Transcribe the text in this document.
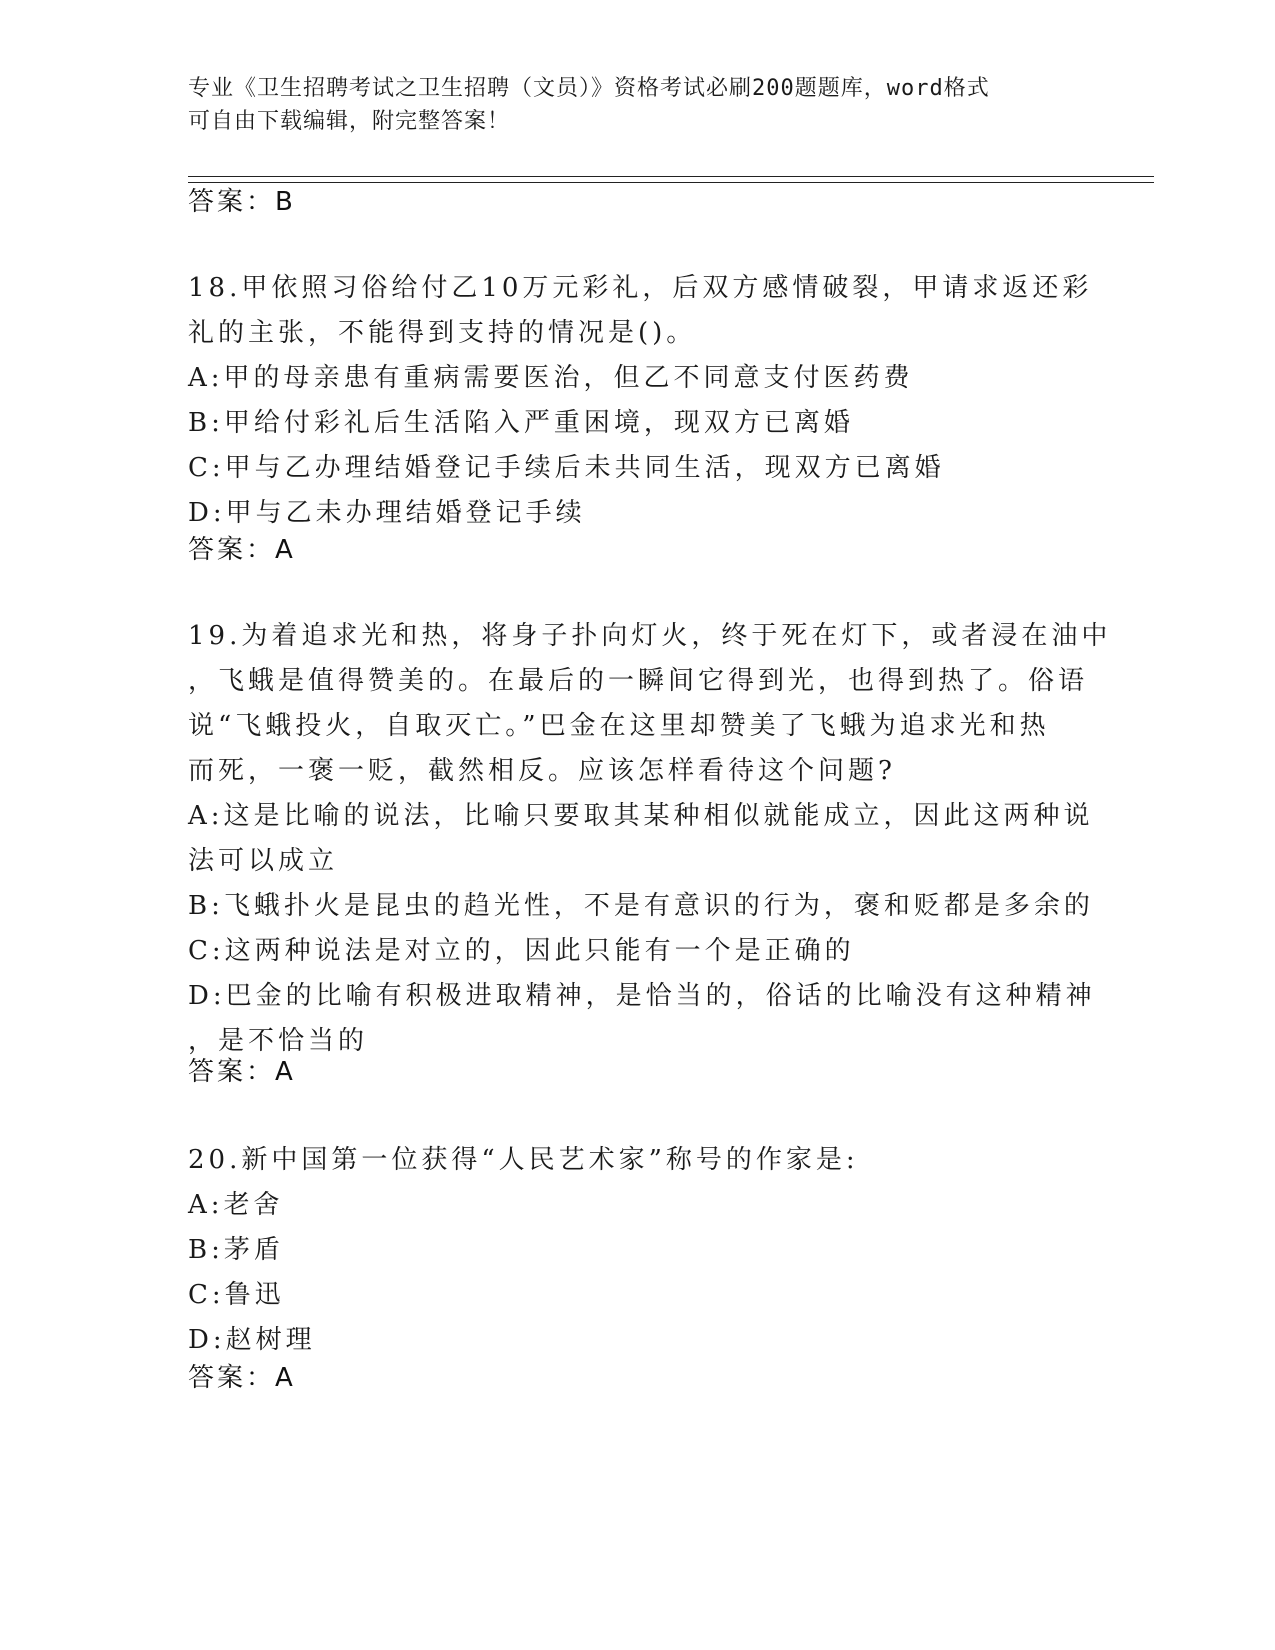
专业《卫生招聘考试之卫生招聘（文员）》资格考试必刷200题题库，word格式
可自由下载编辑，附完整答案！
答案：B
18.甲依照习俗给付乙10万元彩礼，后双方感情破裂，甲请求返还彩
礼的主张，不能得到支持的情况是()。
A:甲的母亲患有重病需要医治，但乙不同意支付医药费
B:甲给付彩礼后生活陷入严重困境，现双方已离婚
C:甲与乙办理结婚登记手续后未共同生活，现双方已离婚
D:甲与乙未办理结婚登记手续
答案：A
19.为着追求光和热，将身子扑向灯火，终于死在灯下，或者浸在油中
，飞蛾是值得赞美的。在最后的一瞬间它得到光，也得到热了。俗语
说“飞蛾投火，自取灭亡。”巴金在这里却赞美了飞蛾为追求光和热
而死，一褒一贬，截然相反。应该怎样看待这个问题?
A:这是比喻的说法，比喻只要取其某种相似就能成立，因此这两种说
法可以成立
B:飞蛾扑火是昆虫的趋光性，不是有意识的行为，褒和贬都是多余的
C:这两种说法是对立的，因此只能有一个是正确的
D:巴金的比喻有积极进取精神，是恰当的，俗话的比喻没有这种精神
，是不恰当的
答案：A
20.新中国第一位获得“人民艺术家”称号的作家是:
A:老舍
B:茅盾
C:鲁迅
D:赵树理
答案：A
